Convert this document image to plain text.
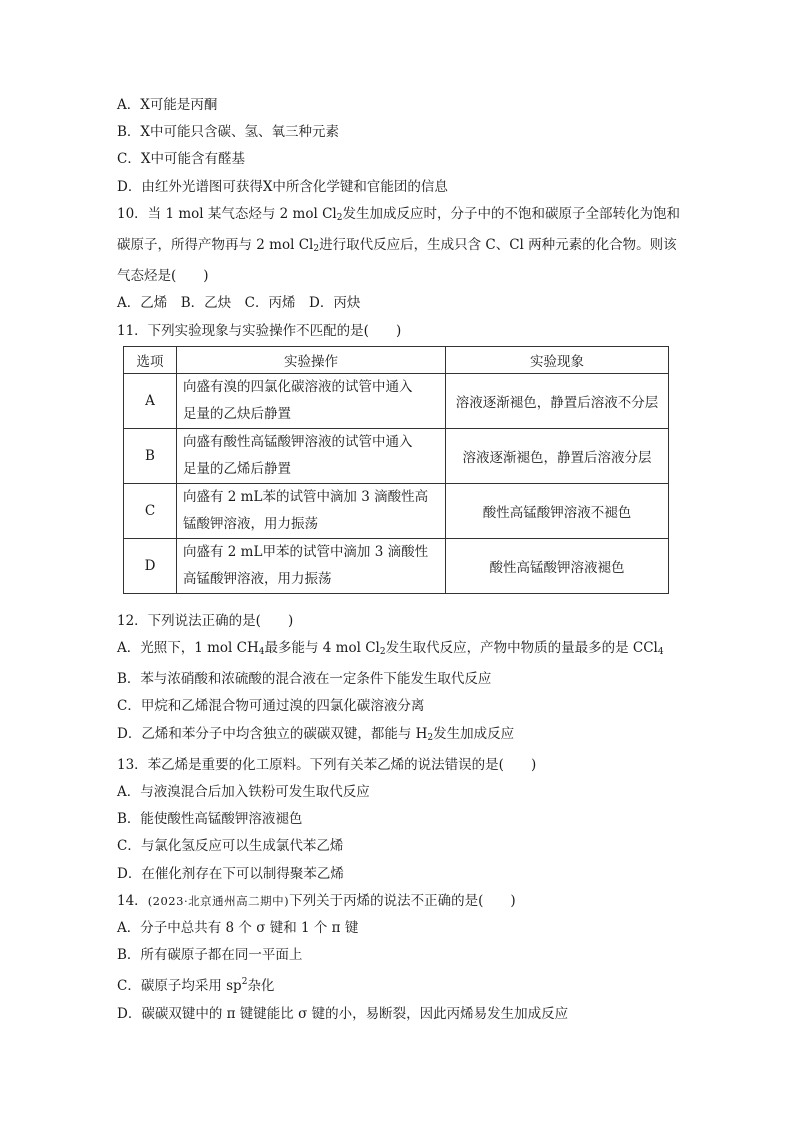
A．X可能是丙酮
B．X中可能只含碳、氢、氧三种元素
C．X中可能含有醛基
D．由红外光谱图可获得X中所含化学键和官能团的信息
10．当 1 mol 某气态烃与 2 mol $Cl_2$发生加成反应时，分子中的不饱和碳原子全部转化为饱和
碳原子，所得产物再与 2 mol $Cl_2$进行取代反应后，生成只含 C、Cl 两种元素的化合物。则该
气态烃是(　　)
A．乙烯　B．乙炔　C．丙烯　D．丙炔
11．下列实验现象与实验操作不匹配的是(　　)
选项	实验操作	实验现象
A	向盛有溴的四氯化碳溶液的试管中通入
足量的乙炔后静置	溶液逐渐褪色，静置后溶液不分层
B	向盛有酸性高锰酸钾溶液的试管中通入
足量的乙烯后静置	溶液逐渐褪色，静置后溶液分层
C	向盛有 2 mL苯的试管中滴加 3 滴酸性高
锰酸钾溶液，用力振荡	酸性高锰酸钾溶液不褪色
D	向盛有 2 mL甲苯的试管中滴加 3 滴酸性
高锰酸钾溶液，用力振荡	酸性高锰酸钾溶液褪色
12．下列说法正确的是(　　)
A．光照下，1 mol $CH_4$最多能与 4 mol $Cl_2$发生取代反应，产物中物质的量最多的是 CCl$_4$
B．苯与浓硝酸和浓硫酸的混合液在一定条件下能发生取代反应
C．甲烷和乙烯混合物可通过溴的四氯化碳溶液分离
D．乙烯和苯分子中均含独立的碳碳双键，都能与 $H_2$发生加成反应
13．苯乙烯是重要的化工原料。下列有关苯乙烯的说法错误的是(　　)
A．与液溴混合后加入铁粉可发生取代反应
B．能使酸性高锰酸钾溶液褪色
C．与氯化氢反应可以生成氯代苯乙烯
D．在催化剂存在下可以制得聚苯乙烯
14．(2023·北京通州高二期中)下列关于丙烯的说法不正确的是(　　)
A．分子中总共有 8 个 σ 键和 1 个 π 键
B．所有碳原子都在同一平面上
C．碳原子均采用 $sp^2$杂化
D．碳碳双键中的 π 键键能比 σ 键的小，易断裂，因此丙烯易发生加成反应
